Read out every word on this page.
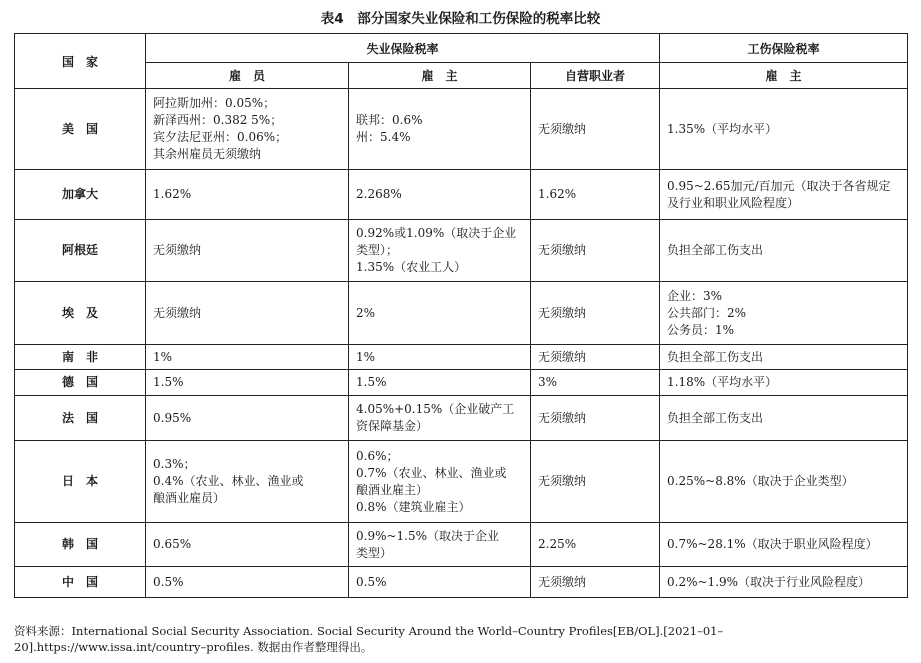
表4　部分国家失业保险和工伤保险的税率比较
国　家	失业保险税率			工伤保险税率
	雇　员	雇　主	自营职业者	雇　主
美　国	阿拉斯加州：0.05%；
新泽西州：0.382 5%；
宾夕法尼亚州：0.06%；
其余州雇员无须缴纳	联邦：0.6%
州：5.4%	无须缴纳	1.35%（平均水平）

加拿大	1.62%	2.268%	1.62%	0.95~2.65加元/百加元（取决于各省规定
及行业和职业风险程度）

阿根廷	无须缴纳	0.92%或1.09%（取决于企业
类型）；
1.35%（农业工人）	无须缴纳	负担全部工伤支出

埃　及	无须缴纳	2%	无须缴纳	企业：3%
公共部门：2%
公务员：1%

南　非	1%	1%	无须缴纳	负担全部工伤支出

德　国	1.5%	1.5%	3%	1.18%（平均水平）

法　国	0.95%	4.05%+0.15%（企业破产工
资保障基金）	无须缴纳	负担全部工伤支出

日　本	0.3%；
0.4%（农业、林业、渔业或
酿酒业雇员）	0.6%；
0.7%（农业、林业、渔业或
酿酒业雇主）
0.8%（建筑业雇主）	无须缴纳	0.25%~8.8%（取决于企业类型）

韩　国	0.65%	0.9%~1.5%（取决于企业
类型）	2.25%	0.7%~28.1%（取决于职业风险程度）

中　国	0.5%	0.5%	无须缴纳	0.2%~1.9%（取决于行业风险程度）
资料来源：International Social Security Association. Social Security Around the World–Country Profiles[EB/OL].[2021–01–20].https://www.issa.int/country–profiles. 数据由作者整理得出。
